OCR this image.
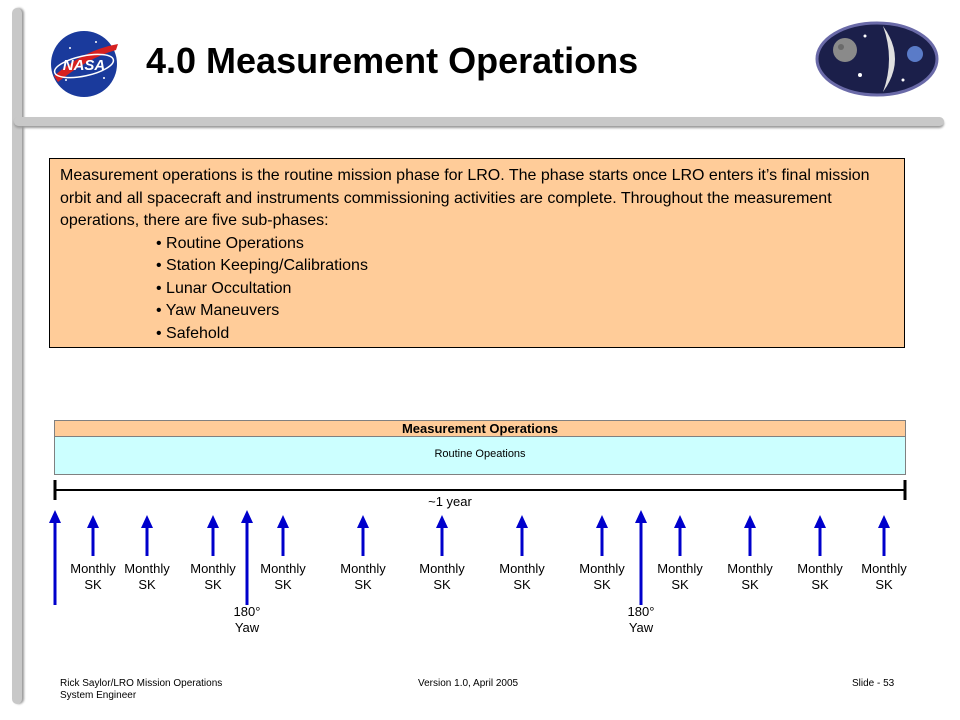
NASA 4.0 Measurement Operations

Measurement operations is the routine mission phase for LRO. The phase starts once LRO enters it’s final mission orbit and all spacecraft and instruments commissioning activities are complete. Throughout the measurement operations, there are five sub-phases:

• Routine Operations
• Station Keeping/Calibrations
• Lunar Occultation
• Yaw Maneuvers
• Safehold
Measurement Operations
Routine Opeations
~1 year
Monthly
SK
Monthly
SK
Monthly
SK
180°
Yaw
Monthly
SK
Monthly
SK
Monthly
SK
Monthly
SK
Monthly
SK
180°
Yaw
Monthly
SK
Monthly
SK
Monthly
SK
Monthly
SK
Rick Saylor/LRO Mission Operations
System Engineer
Version 1.0, April 2005	Slide - 53
